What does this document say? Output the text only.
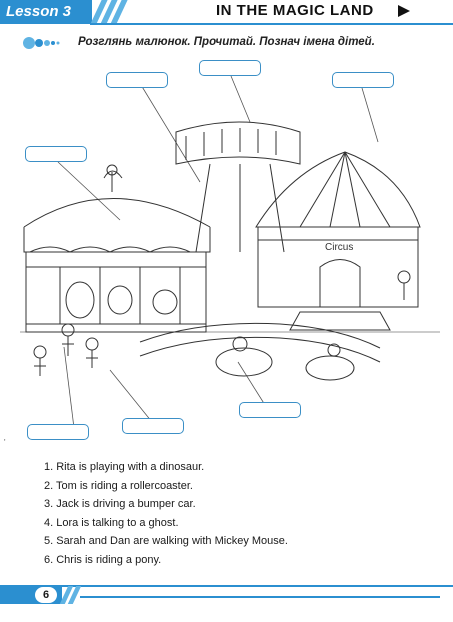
Lesson 3	IN THE MAGIC LAND
Розглянь малюнок. Прочитай. Познач імена дітей.
Circus
'
1. Rita is playing with a dinosaur.
2. Tom is riding a rollercoaster.
3. Jack is driving a bumper car.
4. Lora is talking to a ghost.
5. Sarah and Dan are walking with Mickey Mouse.
6. Chris is riding a pony.
6
